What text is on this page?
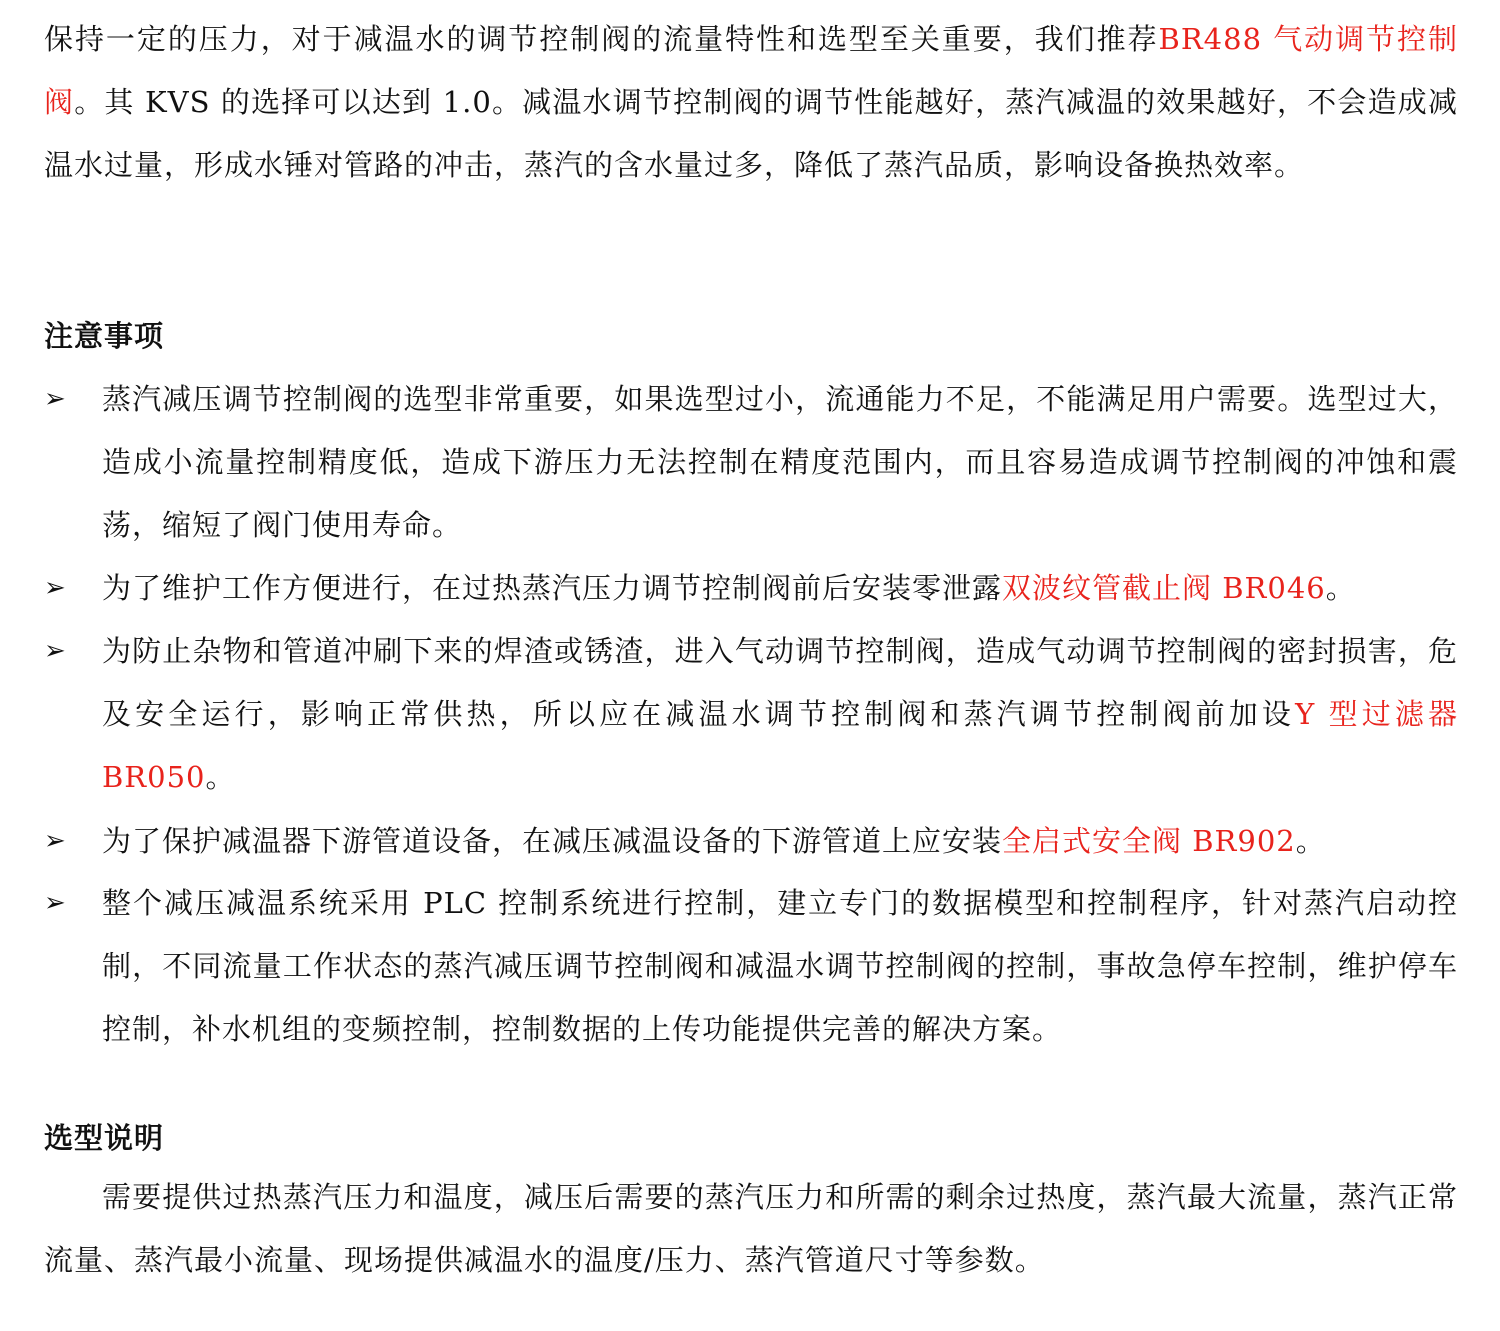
保持一定的压力，对于减温水的调节控制阀的流量特性和选型至关重要，我们推荐BR488 气动调节控制阀。其 KVS 的选择可以达到 1.0。减温水调节控制阀的调节性能越好，蒸汽减温的效果越好，不会造成减温水过量，形成水锤对管路的冲击，蒸汽的含水量过多，降低了蒸汽品质，影响设备换热效率。

注意事项
➢ 蒸汽减压调节控制阀的选型非常重要，如果选型过小，流通能力不足，不能满足用户需要。选型过大，造成小流量控制精度低，造成下游压力无法控制在精度范围内，而且容易造成调节控制阀的冲蚀和震荡，缩短了阀门使用寿命。

➢ 为了维护工作方便进行，在过热蒸汽压力调节控制阀前后安装零泄露双波纹管截止阀 BR046。

➢ 为防止杂物和管道冲刷下来的焊渣或锈渣，进入气动调节控制阀，造成气动调节控制阀的密封损害，危及安全运行，影响正常供热，所以应在减温水调节控制阀和蒸汽调节控制阀前加设Y 型过滤器 BR050。

➢ 为了保护减温器下游管道设备，在减压减温设备的下游管道上应安装全启式安全阀 BR902。

➢ 整个减压减温系统采用 PLC 控制系统进行控制，建立专门的数据模型和控制程序，针对蒸汽启动控制，不同流量工作状态的蒸汽减压调节控制阀和减温水调节控制阀的控制，事故急停车控制，维护停车控制，补水机组的变频控制，控制数据的上传功能提供完善的解决方案。

选型说明

需要提供过热蒸汽压力和温度，减压后需要的蒸汽压力和所需的剩余过热度，蒸汽最大流量，蒸汽正常流量、蒸汽最小流量、现场提供减温水的温度/压力、蒸汽管道尺寸等参数。
